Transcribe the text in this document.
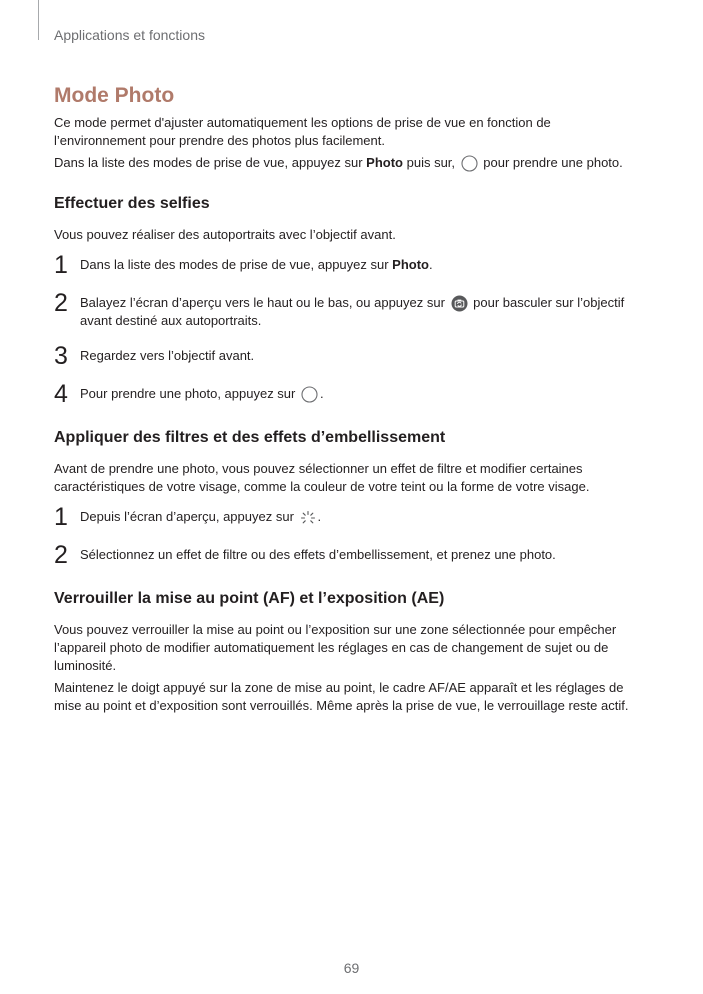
Applications et fonctions
Mode Photo

Ce mode permet d'ajuster automatiquement les options de prise de vue en fonction de l’environnement pour prendre des photos plus facilement.

Dans la liste des modes de prise de vue, appuyez sur Photo puis sur,
pour prendre une photo.

Effectuer des selfies

Vous pouvez réaliser des autoportraits avec l’objectif avant.

1 Dans la liste des modes de prise de vue, appuyez sur Photo.
2 Balayez l’écran d’aperçu vers le haut ou le bas, ou appuyez sur
pour basculer sur l’objectif avant destiné aux autoportraits.
3 Regardez vers l’objectif avant.
4 Pour prendre une photo, appuyez sur
.
Appliquer des filtres et des effets d’embellissement

Avant de prendre une photo, vous pouvez sélectionner un effet de filtre et modifier certaines caractéristiques de votre visage, comme la couleur de votre teint ou la forme de votre visage.

1 Depuis l’écran d’aperçu, appuyez sur
.
2 Sélectionnez un effet de filtre ou des effets d’embellissement, et prenez une photo.
Verrouiller la mise au point (AF) et l’exposition (AE)

Vous pouvez verrouiller la mise au point ou l’exposition sur une zone sélectionnée pour empêcher l’appareil photo de modifier automatiquement les réglages en cas de changement de sujet ou de luminosité.

Maintenez le doigt appuyé sur la zone de mise au point, le cadre AF/AE apparaît et les réglages de mise au point et d’exposition sont verrouillés. Même après la prise de vue, le verrouillage reste actif.

69
